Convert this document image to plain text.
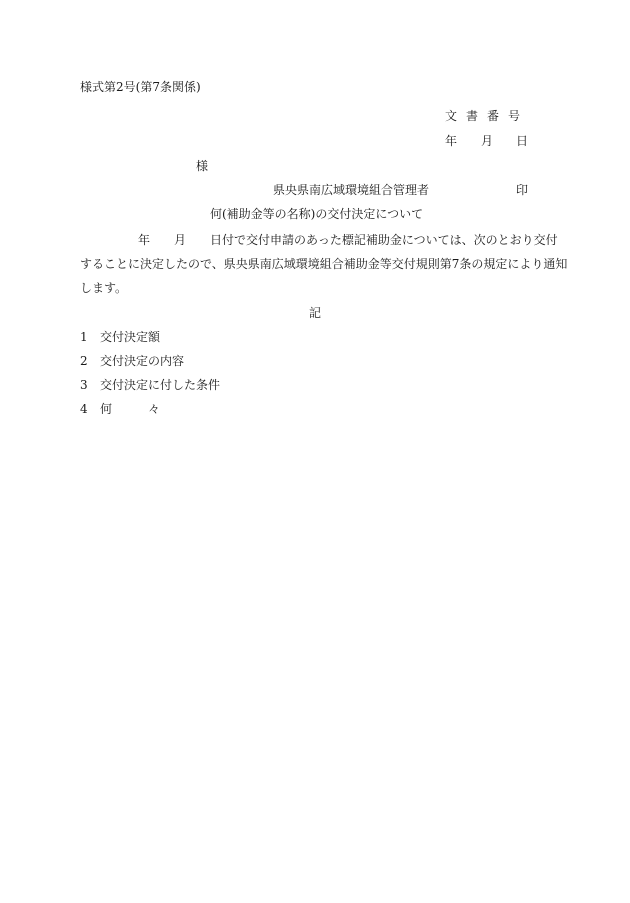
様式第2号(第7条関係)
文書番号
年 月 日
様
県央県南広域環境組合管理者	印
何(補助金等の名称)の交付決定について
年 月 日付で交付申請のあった標記補助金については、次のとおり交付
することに決定したので、県央県南広域環境組合補助金等交付規則第7条の規定により通知
します。
記
1 交付決定額
2 交付決定の内容
3 交付決定に付した条件
4 何　　　々
